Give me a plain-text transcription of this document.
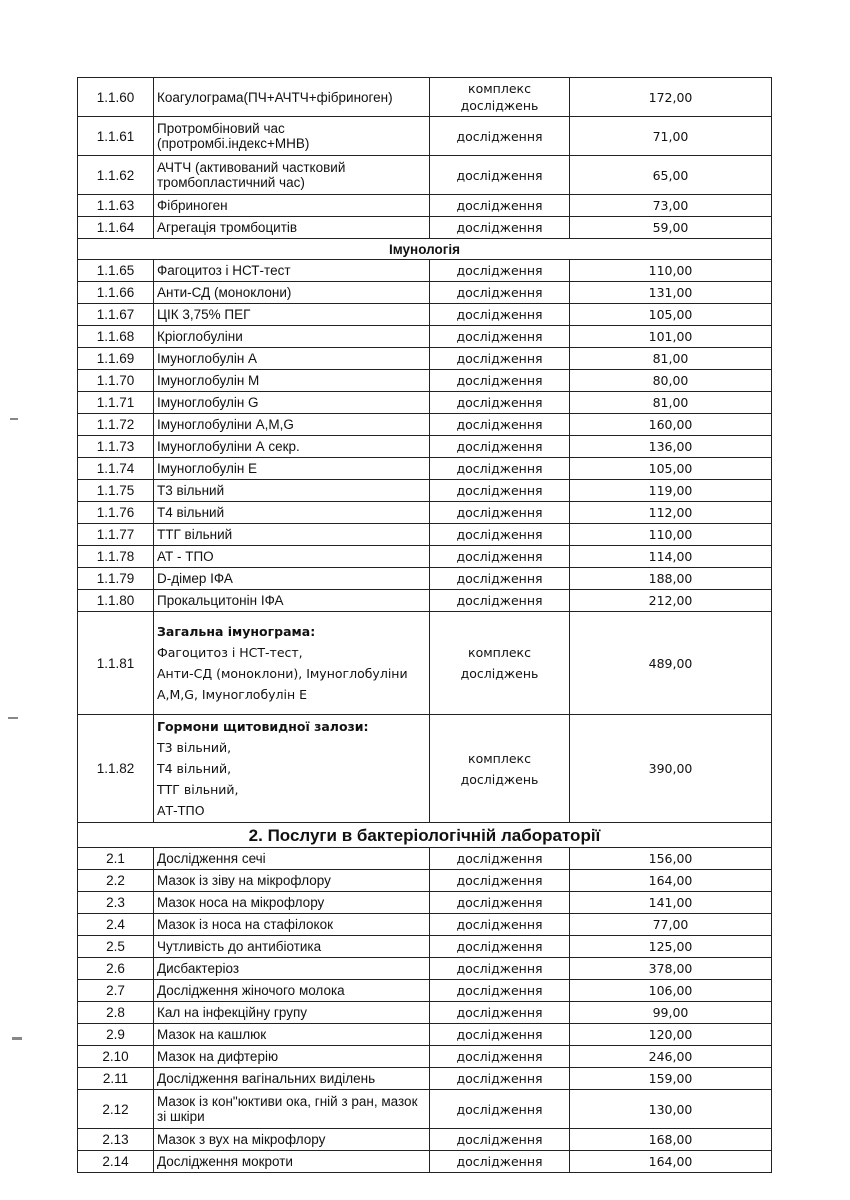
1.1.60	Коагулограма(ПЧ+АЧТЧ+фібриноген)	комплекс
досліджень	172,00
1.1.61	Протромбіновий час (протромбі.індекс+МНВ)	дослідження	71,00
1.1.62	АЧТЧ (активований частковий тромбопластичний час)	дослідження	65,00
1.1.63	Фібриноген	дослідження	73,00
1.1.64	Агрегація тромбоцитів	дослідження	59,00
Імунологія			
1.1.65	Фагоцитоз і НСТ-тест	дослідження	110,00
1.1.66	Анти-СД (моноклони)	дослідження	131,00
1.1.67	ЦІК 3,75% ПЕГ	дослідження	105,00
1.1.68	Кріоглобуліни	дослідження	101,00
1.1.69	Імуноглобулін А	дослідження	81,00
1.1.70	Імуноглобулін М	дослідження	80,00
1.1.71	Імуноглобулін G	дослідження	81,00
1.1.72	Імуноглобуліни А,М,G	дослідження	160,00
1.1.73	Імуноглобуліни А секр.	дослідження	136,00
1.1.74	Імуноглобулін Е	дослідження	105,00
1.1.75	Т3 вільний	дослідження	119,00
1.1.76	Т4 вільний	дослідження	112,00
1.1.77	ТТГ вільний	дослідження	110,00
1.1.78	АТ - ТПО	дослідження	114,00
1.1.79	D-дімер ІФА	дослідження	188,00
1.1.80	Прокальцитонін ІФА	дослідження	212,00
1.1.81	Загальна імунограма:
Фагоцитоз і НСТ-тест,
Анти-СД (моноклони), Імуноглобуліни А,М,G, Імуноглобулін Е	комплекс
досліджень	489,00
1.1.82	Гормони щитовидної залози:
Т3 вільний,
Т4 вільний,
ТТГ вільний,
АТ-ТПО	комплекс
досліджень	390,00
2. Послуги в бактеріологічній лабораторії			
2.1	Дослідження сечі	дослідження	156,00
2.2	Мазок із зіву на мікрофлору	дослідження	164,00
2.3	Мазок носа на мікрофлору	дослідження	141,00
2.4	Мазок із носа на стафілокок	дослідження	77,00
2.5	Чутливість до антибіотика	дослідження	125,00
2.6	Дисбактеріоз	дослідження	378,00
2.7	Дослідження жіночого молока	дослідження	106,00
2.8	Кал на інфекційну групу	дослідження	99,00
2.9	Мазок на кашлюк	дослідження	120,00
2.10	Мазок на дифтерію	дослідження	246,00
2.11	Дослідження вагінальних виділень	дослідження	159,00
2.12	Мазок із кон"юктиви ока, гній з ран, мазок зі шкіри	дослідження	130,00
2.13	Мазок з вух на мікрофлору	дослідження	168,00
2.14	Дослідження мокроти	дослідження	164,00
